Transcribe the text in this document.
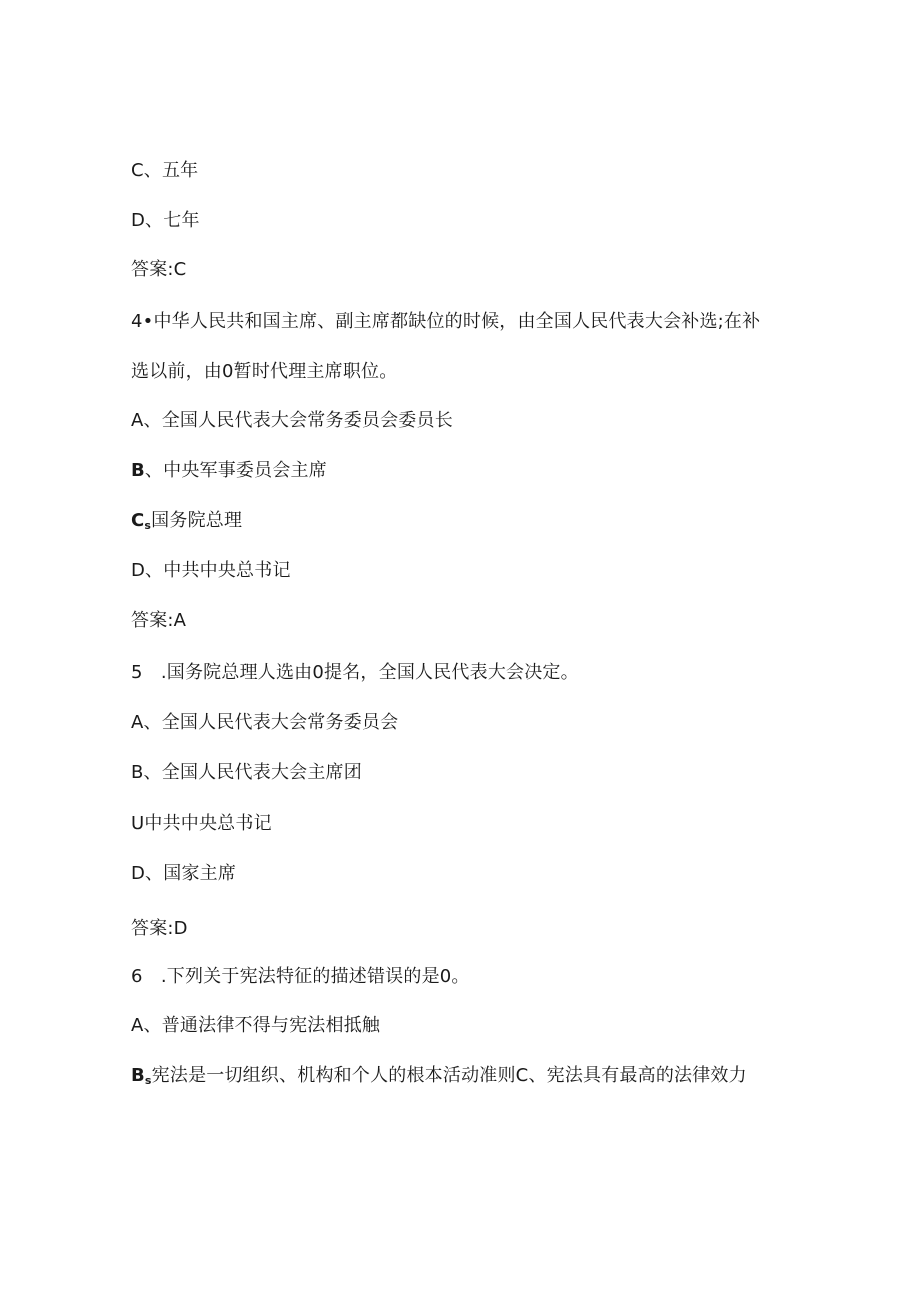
C、五年
D、七年
答案:C
4•中华人民共和国主席、副主席都缺位的时候，由全国人民代表大会补选;在补
选以前，由0暂时代理主席职位。
A、全国人民代表大会常务委员会委员长
B、中央军事委员会主席
$C_s$国务院总理
D、中共中央总书记
答案:A
5　.国务院总理人选由0提名，全国人民代表大会决定。
A、全国人民代表大会常务委员会
B、全国人民代表大会主席团
U中共中央总书记
D、国家主席
答案:D
6　.下列关于宪法特征的描述错误的是0。
A、普通法律不得与宪法相抵触
$B_s$宪法是一切组织、机构和个人的根本活动准则C、宪法具有最高的法律效力
